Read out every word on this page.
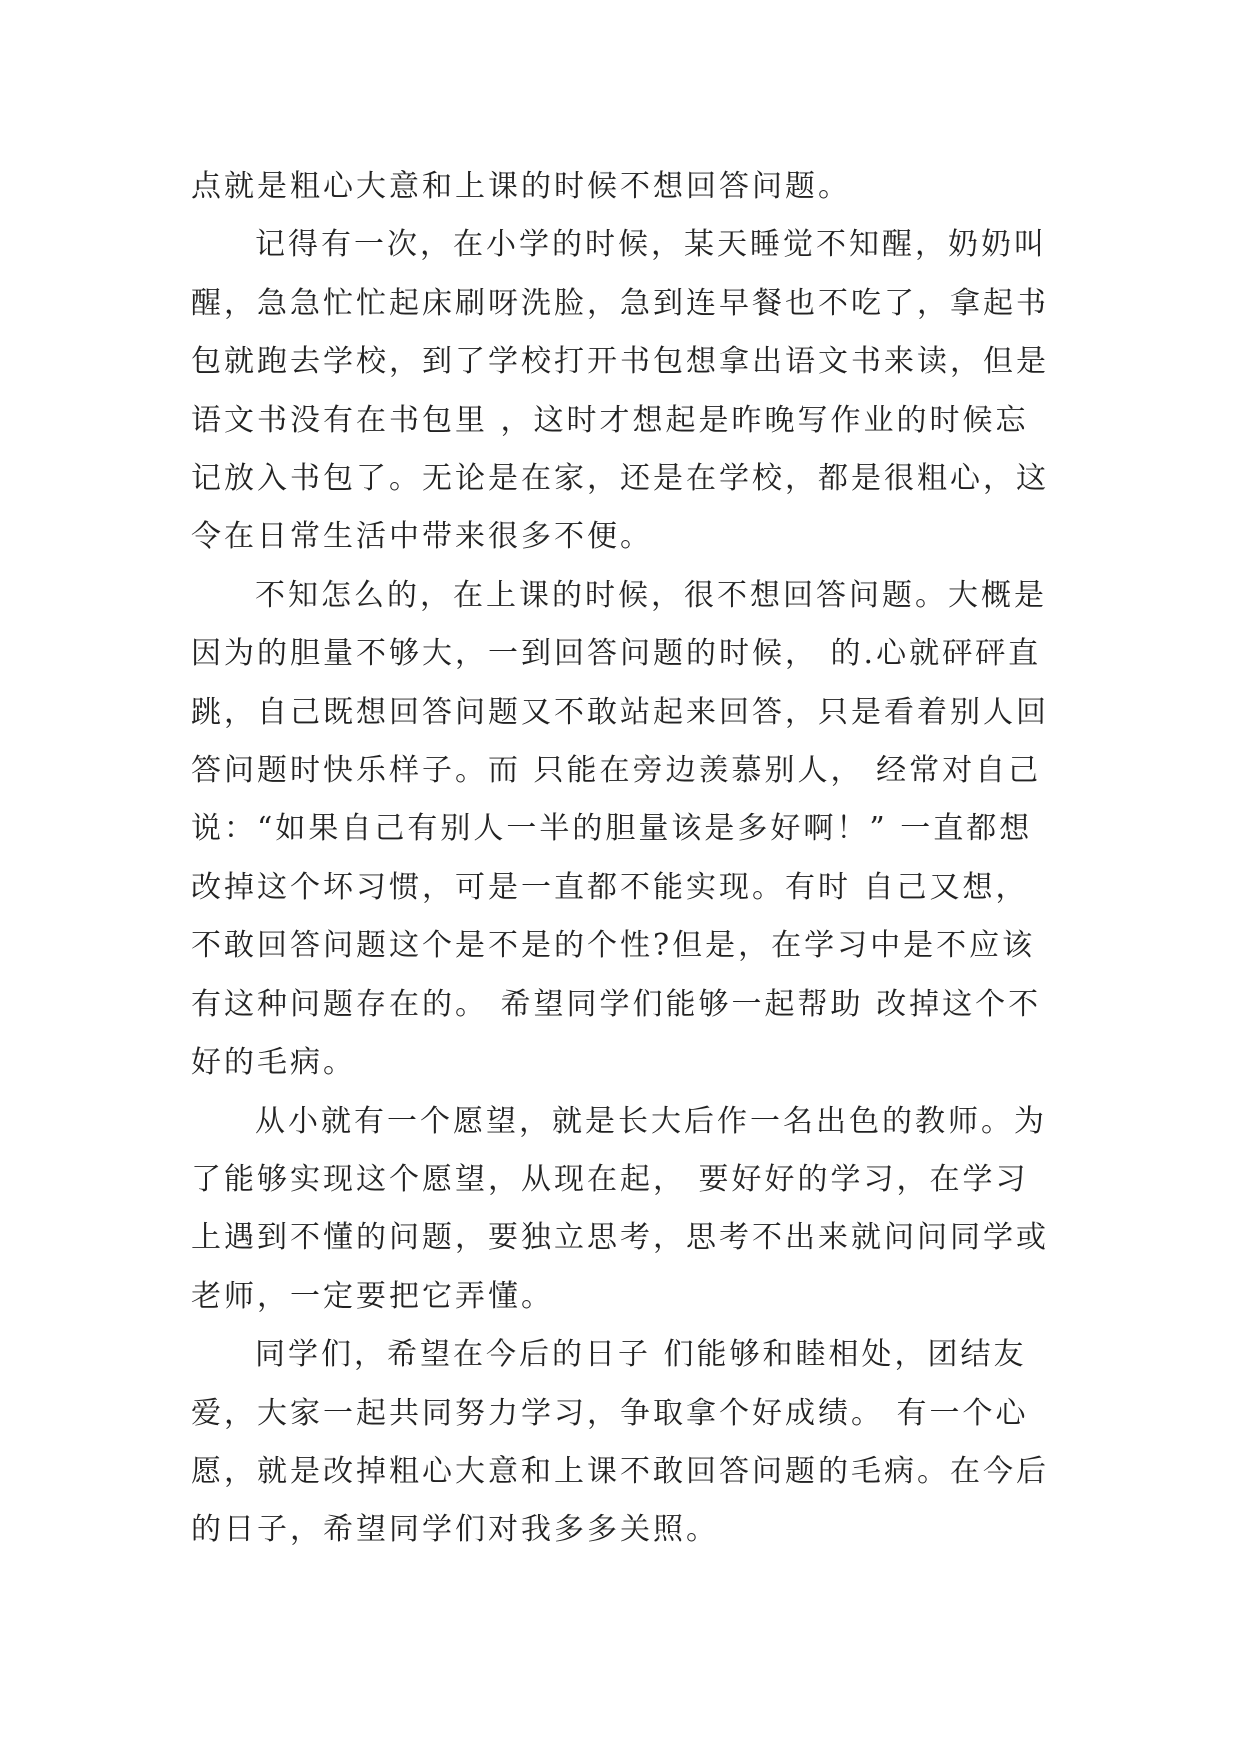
点就是粗心大意和上课的时候不想回答问题。

记得有一次，在小学的时候，某天睡觉不知醒，奶奶叫醒，急急忙忙起床刷呀洗脸，急到连早餐也不吃了，拿起书包就跑去学校，到了学校打开书包想拿出语文书来读，但是语文书没有在书包里 ，这时才想起是昨晚写作业的时候忘记放入书包了。无论是在家，还是在学校，都是很粗心，这令在日常生活中带来很多不便。

不知怎么的，在上课的时候，很不想回答问题。大概是因为的胆量不够大，一到回答问题的时候， 的.心就砰砰直跳，自己既想回答问题又不敢站起来回答，只是看着别人回答问题时快乐样子。而 只能在旁边羡慕别人， 经常对自己说：“如果自己有别人一半的胆量该是多好啊！” 一直都想改掉这个坏习惯，可是一直都不能实现。有时 自己又想，不敢回答问题这个是不是的个性?但是，在学习中是不应该有这种问题存在的。 希望同学们能够一起帮助 改掉这个不好的毛病。

从小就有一个愿望，就是长大后作一名出色的教师。为了能够实现这个愿望，从现在起， 要好好的学习，在学习上遇到不懂的问题，要独立思考，思考不出来就问问同学或老师，一定要把它弄懂。

同学们，希望在今后的日子 们能够和睦相处，团结友爱，大家一起共同努力学习，争取拿个好成绩。 有一个心愿，就是改掉粗心大意和上课不敢回答问题的毛病。在今后的日子，希望同学们对我多多关照。
